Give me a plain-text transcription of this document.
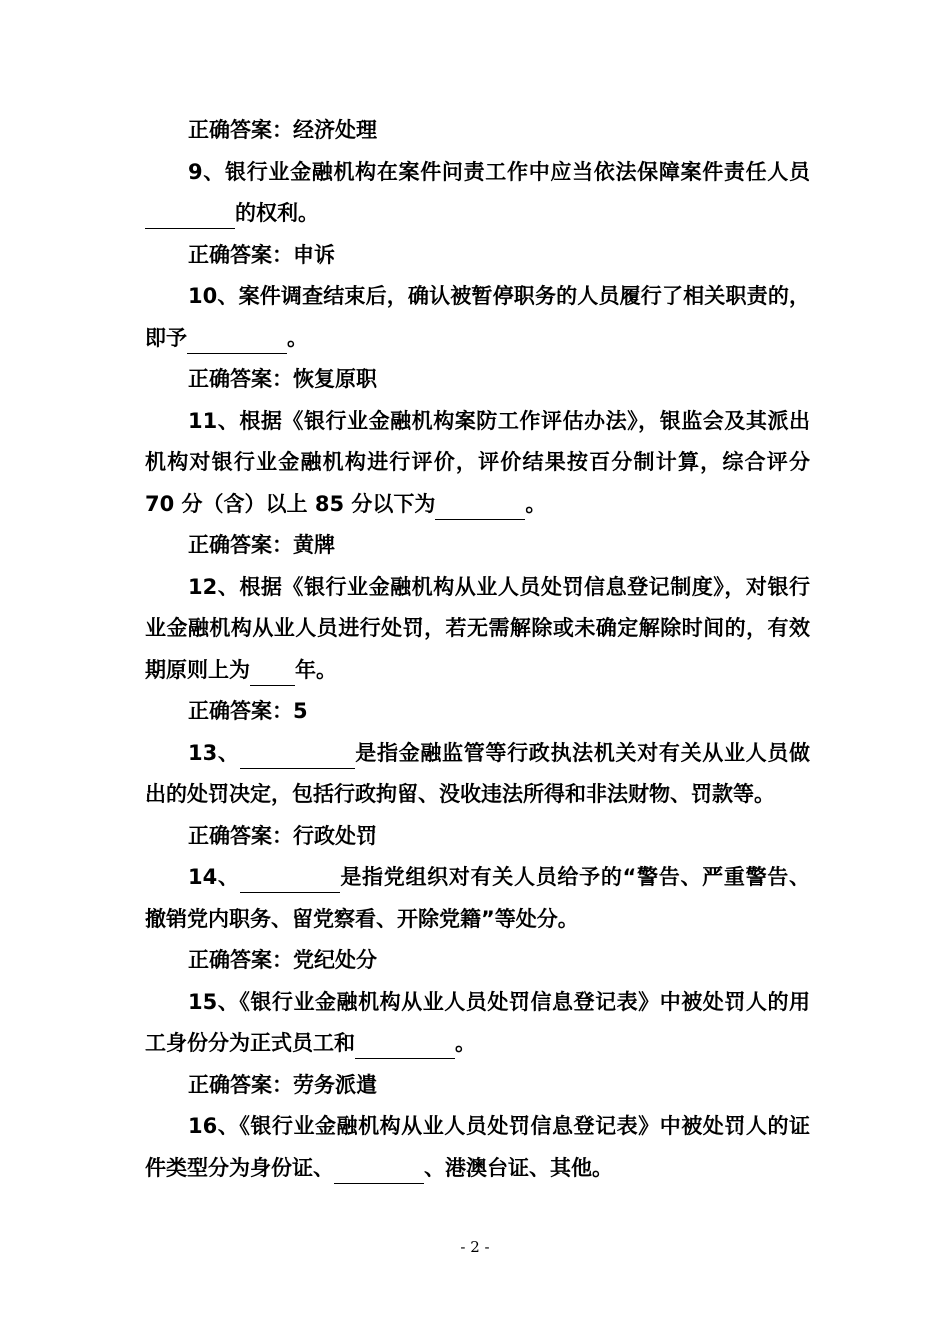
正确答案：经济处理

9、银行业金融机构在案件问责工作中应当依法保障案件责任人员的权利。

正确答案：申诉

10、案件调查结束后，确认被暂停职务的人员履行了相关职责的，即予	。

正确答案：恢复原职

11、根据《银行业金融机构案防工作评估办法》，银监会及其派出机构对银行业金融机构进行评价，评价结果按百分制计算，综合评分 70 分（含）以上 85 分以下为	。

正确答案：黄牌

12、根据《银行业金融机构从业人员处罚信息登记制度》，对银行业金融机构从业人员进行处罚，若无需解除或未确定解除时间的，有效期原则上为 年。

正确答案：5

13、	是指金融监管等行政执法机关对有关从业人员做出的处罚决定，包括行政拘留、没收违法所得和非法财物、罚款等。

正确答案：行政处罚

14、	是指党组织对有关人员给予的“警告、严重警告、撤销党内职务、留党察看、开除党籍”等处分。

正确答案：党纪处分

15、《银行业金融机构从业人员处罚信息登记表》中被处罚人的用工身份分为正式员工和	。

正确答案：劳务派遣

16、《银行业金融机构从业人员处罚信息登记表》中被处罚人的证件类型分为身份证、	、港澳台证、其他。

- 2 -
